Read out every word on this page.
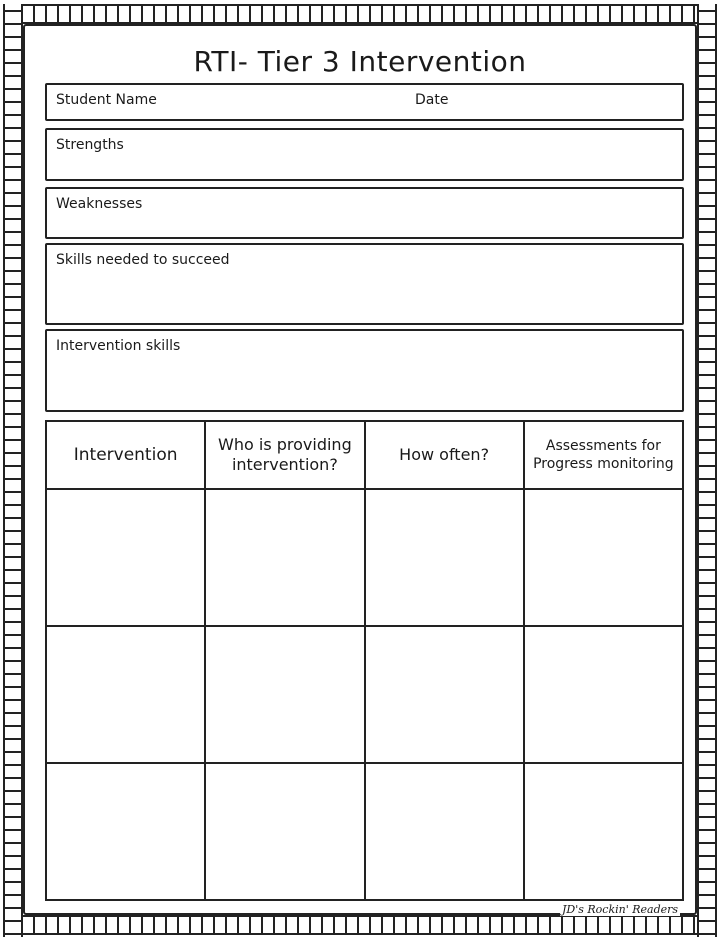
RTI- Tier 3 Intervention
Student Name	Date
Strengths
Weaknesses
Skills needed to succeed
Intervention skills
Intervention	Who is providing intervention?	How often?	Assessments for Progress monitoring

JD's Rockin' Readers
